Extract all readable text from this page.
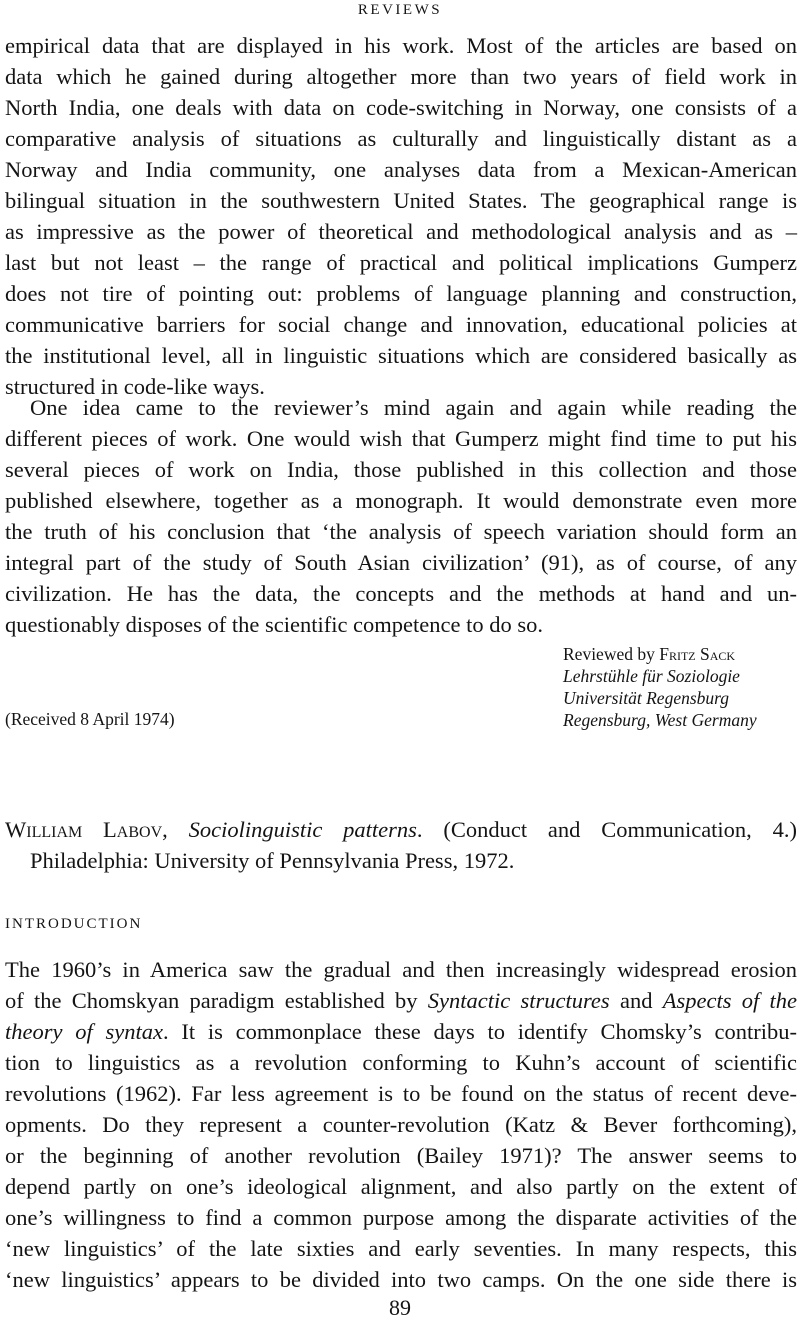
REVIEWS
empirical data that are displayed in his work. Most of the articles are based on
data which he gained during altogether more than two years of field work in
North India, one deals with data on code-switching in Norway, one consists of a
comparative analysis of situations as culturally and linguistically distant as a
Norway and India community, one analyses data from a Mexican-American
bilingual situation in the southwestern United States. The geographical range is
as impressive as the power of theoretical and methodological analysis and as –
last but not least – the range of practical and political implications Gumperz
does not tire of pointing out: problems of language planning and construction,
communicative barriers for social change and innovation, educational policies at
the institutional level, all in linguistic situations which are considered basically as
structured in code-like ways.
One idea came to the reviewer’s mind again and again while reading the
different pieces of work. One would wish that Gumperz might find time to put his
several pieces of work on India, those published in this collection and those
published elsewhere, together as a monograph. It would demonstrate even more
the truth of his conclusion that ‘the analysis of speech variation should form an
integral part of the study of South Asian civilization’ (91), as of course, of any
civilization. He has the data, the concepts and the methods at hand and un-
questionably disposes of the scientific competence to do so.
Reviewed by Fritz Sack
Lehrstühle für Soziologie
Universität Regensburg
Regensburg, West Germany
(Received 8 April 1974)
William Labov, Sociolinguistic patterns. (Conduct and Communication, 4.)
Philadelphia: University of Pennsylvania Press, 1972.
INTRODUCTION
The 1960’s in America saw the gradual and then increasingly widespread erosion
of the Chomskyan paradigm established by Syntactic structures and Aspects of the
theory of syntax. It is commonplace these days to identify Chomsky’s contribu-
tion to linguistics as a revolution conforming to Kuhn’s account of scientific
revolutions (1962). Far less agreement is to be found on the status of recent deve-
opments. Do they represent a counter-revolution (Katz & Bever forthcoming),
or the beginning of another revolution (Bailey 1971)? The answer seems to
depend partly on one’s ideological alignment, and also partly on the extent of
one’s willingness to find a common purpose among the disparate activities of the
‘new linguistics’ of the late sixties and early seventies. In many respects, this
‘new linguistics’ appears to be divided into two camps. On the one side there is
89
